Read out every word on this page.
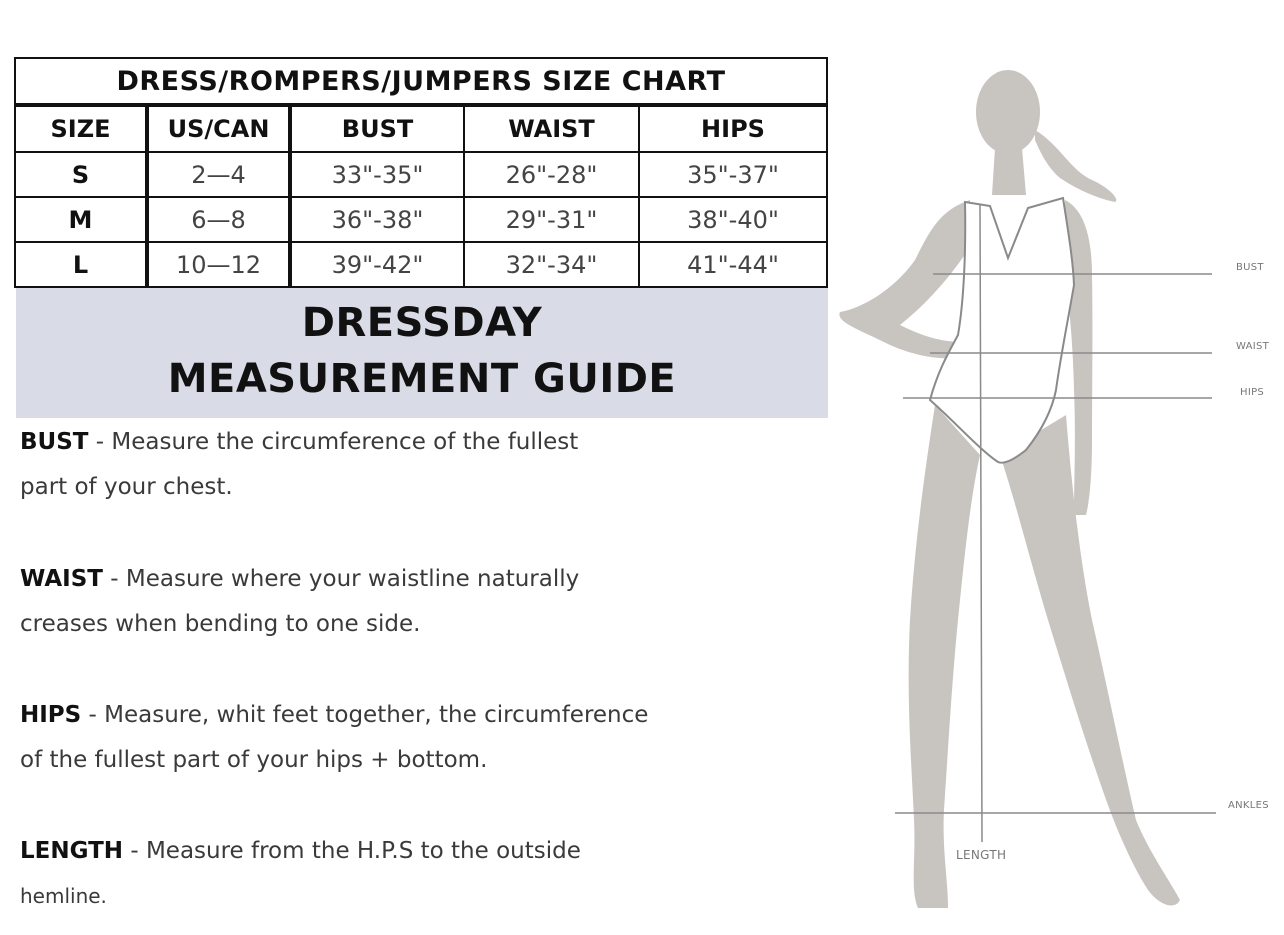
DRESS/ROMPERS/JUMPERS SIZE CHART				
SIZE	US/CAN	BUST	WAIST	HIPS
S	2—4	33"-35"	26"-28"	35"-37"
M	6—8	36"-38"	29"-31"	38"-40"
L	10—12	39"-42"	32"-34"	41"-44"
DRESSDAY
MEASUREMENT GUIDE
BUST - Measure the circumference of the fullest
part of your chest.
WAIST - Measure where your waistline naturally
creases when bending to one side.
HIPS - Measure, whit feet together, the circumference
of the fullest part of your hips + bottom.
LENGTH - Measure from the H.P.S to the outside
hemline.
BUST
WAIST
HIPS
ANKLES
LENGTH
